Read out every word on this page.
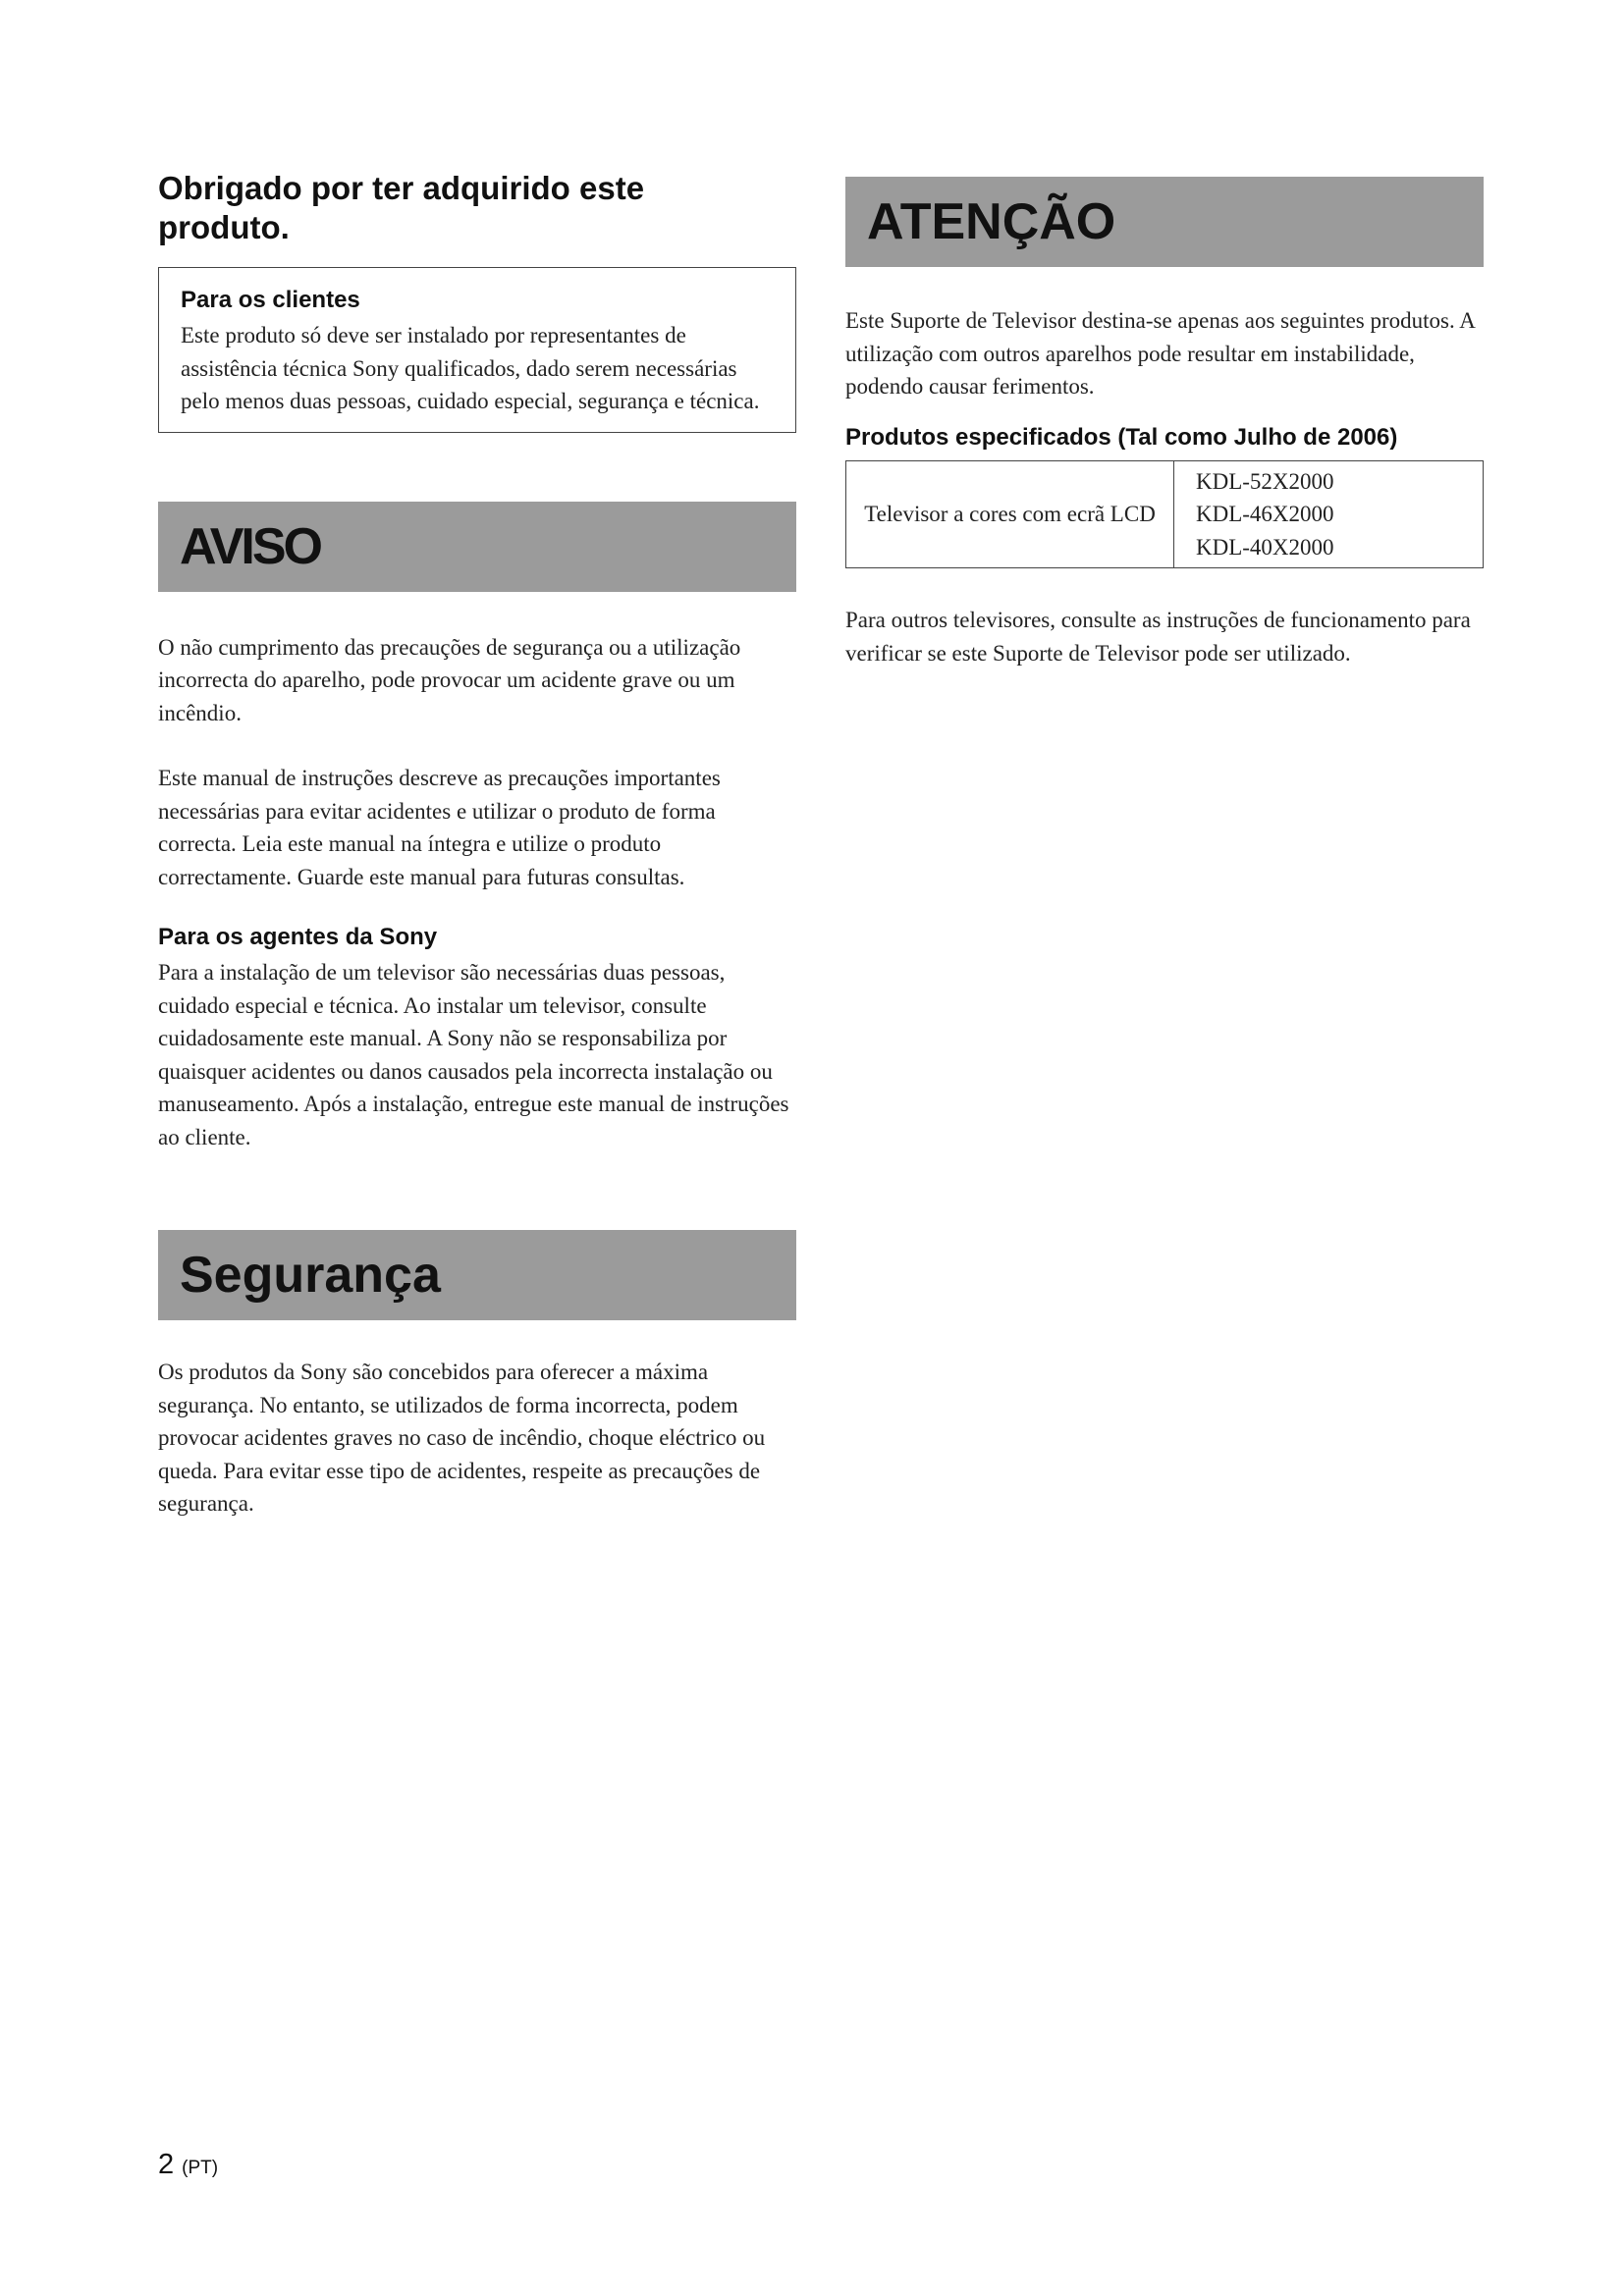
Obrigado por ter adquirido este
produto.
Para os clientes

Este produto só deve ser instalado por representantes de assistência técnica Sony qualificados, dado serem necessárias pelo menos duas pessoas, cuidado especial, segurança e técnica.

AVISO

O não cumprimento das precauções de segurança ou a utilização incorrecta do aparelho, pode provocar um acidente grave ou um incêndio.

Este manual de instruções descreve as precauções importantes necessárias para evitar acidentes e utilizar o produto de forma correcta. Leia este manual na íntegra e utilize o produto correctamente. Guarde este manual para futuras consultas.

Para os agentes da Sony

Para a instalação de um televisor são necessárias duas pessoas, cuidado especial e técnica. Ao instalar um televisor, consulte cuidadosamente este manual. A Sony não se responsabiliza por quaisquer acidentes ou danos causados pela incorrecta instalação ou manuseamento. Após a instalação, entregue este manual de instruções ao cliente.

Segurança

Os produtos da Sony são concebidos para oferecer a máxima segurança. No entanto, se utilizados de forma incorrecta, podem provocar acidentes graves no caso de incêndio, choque eléctrico ou queda. Para evitar esse tipo de acidentes, respeite as precauções de segurança.

ATENÇÃO

Este Suporte de Televisor destina-se apenas aos seguintes produtos. A utilização com outros aparelhos pode resultar em instabilidade, podendo causar ferimentos.

Produtos especificados (Tal como Julho de 2006)
Televisor a cores com ecrã LCD	
KDL-52X2000
KDL-46X2000
KDL-40X2000

Para outros televisores, consulte as instruções de funcionamento para verificar se este Suporte de Televisor pode ser utilizado.

2 (PT)
